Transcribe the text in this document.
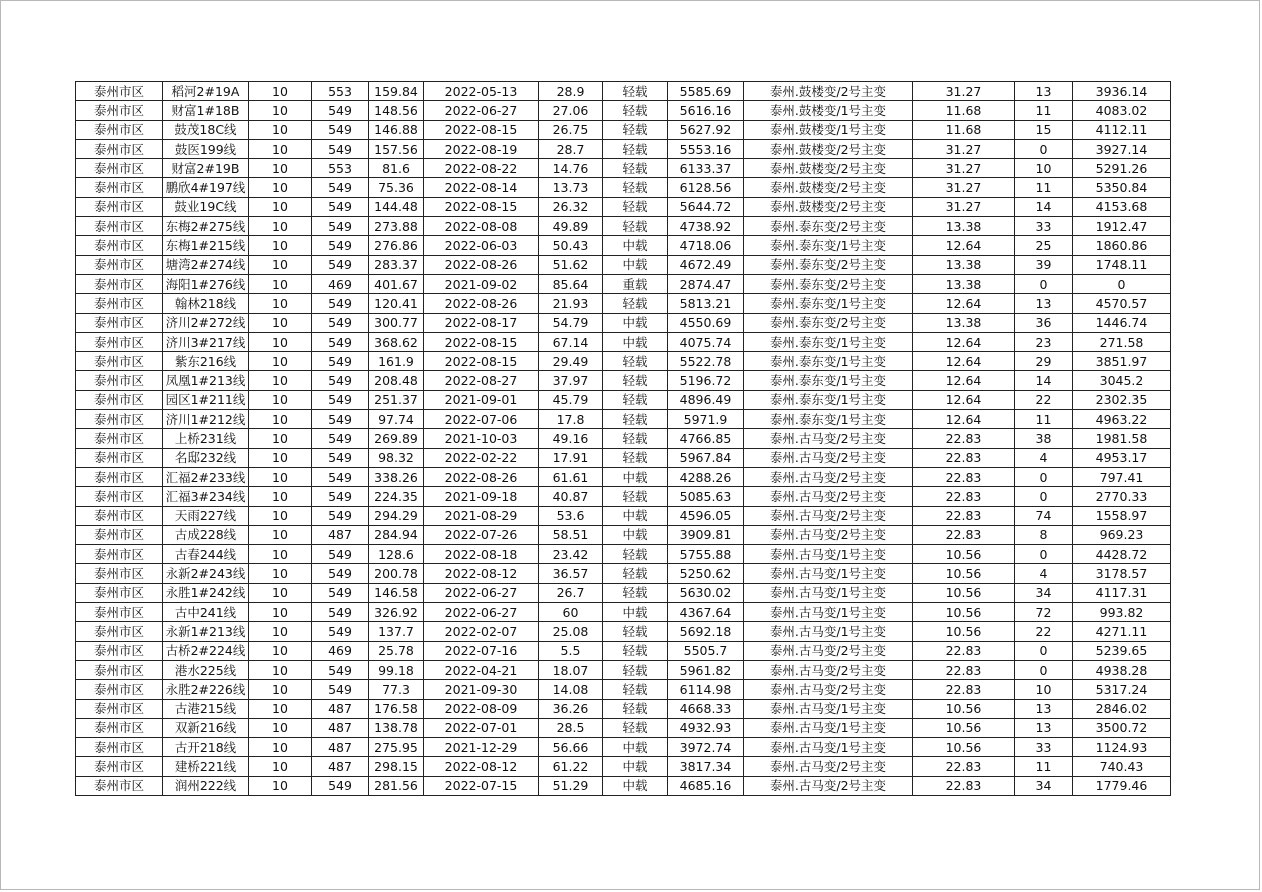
泰州市区	稻河2#19A	10	553	159.84	2022-05-13	28.9	轻载	5585.69	泰州.鼓楼变/2号主变	31.27	13	3936.14
泰州市区	财富1#18B	10	549	148.56	2022-06-27	27.06	轻载	5616.16	泰州.鼓楼变/1号主变	11.68	11	4083.02
泰州市区	鼓茂18C线	10	549	146.88	2022-08-15	26.75	轻载	5627.92	泰州.鼓楼变/1号主变	11.68	15	4112.11
泰州市区	鼓医199线	10	549	157.56	2022-08-19	28.7	轻载	5553.16	泰州.鼓楼变/2号主变	31.27	0	3927.14
泰州市区	财富2#19B	10	553	81.6	2022-08-22	14.76	轻载	6133.37	泰州.鼓楼变/2号主变	31.27	10	5291.26
泰州市区	鹏欣4#197线	10	549	75.36	2022-08-14	13.73	轻载	6128.56	泰州.鼓楼变/2号主变	31.27	11	5350.84
泰州市区	鼓业19C线	10	549	144.48	2022-08-15	26.32	轻载	5644.72	泰州.鼓楼变/2号主变	31.27	14	4153.68
泰州市区	东梅2#275线	10	549	273.88	2022-08-08	49.89	轻载	4738.92	泰州.泰东变/2号主变	13.38	33	1912.47
泰州市区	东梅1#215线	10	549	276.86	2022-06-03	50.43	中载	4718.06	泰州.泰东变/1号主变	12.64	25	1860.86
泰州市区	塘湾2#274线	10	549	283.37	2022-08-26	51.62	中载	4672.49	泰州.泰东变/2号主变	13.38	39	1748.11
泰州市区	海阳1#276线	10	469	401.67	2021-09-02	85.64	重载	2874.47	泰州.泰东变/2号主变	13.38	0	0
泰州市区	翰林218线	10	549	120.41	2022-08-26	21.93	轻载	5813.21	泰州.泰东变/1号主变	12.64	13	4570.57
泰州市区	济川2#272线	10	549	300.77	2022-08-17	54.79	中载	4550.69	泰州.泰东变/2号主变	13.38	36	1446.74
泰州市区	济川3#217线	10	549	368.62	2022-08-15	67.14	中载	4075.74	泰州.泰东变/1号主变	12.64	23	271.58
泰州市区	紫东216线	10	549	161.9	2022-08-15	29.49	轻载	5522.78	泰州.泰东变/1号主变	12.64	29	3851.97
泰州市区	凤凰1#213线	10	549	208.48	2022-08-27	37.97	轻载	5196.72	泰州.泰东变/1号主变	12.64	14	3045.2
泰州市区	园区1#211线	10	549	251.37	2021-09-01	45.79	轻载	4896.49	泰州.泰东变/1号主变	12.64	22	2302.35
泰州市区	济川1#212线	10	549	97.74	2022-07-06	17.8	轻载	5971.9	泰州.泰东变/1号主变	12.64	11	4963.22
泰州市区	上桥231线	10	549	269.89	2021-10-03	49.16	轻载	4766.85	泰州.古马变/2号主变	22.83	38	1981.58
泰州市区	名邸232线	10	549	98.32	2022-02-22	17.91	轻载	5967.84	泰州.古马变/2号主变	22.83	4	4953.17
泰州市区	汇福2#233线	10	549	338.26	2022-08-26	61.61	中载	4288.26	泰州.古马变/2号主变	22.83	0	797.41
泰州市区	汇福3#234线	10	549	224.35	2021-09-18	40.87	轻载	5085.63	泰州.古马变/2号主变	22.83	0	2770.33
泰州市区	天雨227线	10	549	294.29	2021-08-29	53.6	中载	4596.05	泰州.古马变/2号主变	22.83	74	1558.97
泰州市区	古成228线	10	487	284.94	2022-07-26	58.51	中载	3909.81	泰州.古马变/2号主变	22.83	8	969.23
泰州市区	古春244线	10	549	128.6	2022-08-18	23.42	轻载	5755.88	泰州.古马变/1号主变	10.56	0	4428.72
泰州市区	永新2#243线	10	549	200.78	2022-08-12	36.57	轻载	5250.62	泰州.古马变/1号主变	10.56	4	3178.57
泰州市区	永胜1#242线	10	549	146.58	2022-06-27	26.7	轻载	5630.02	泰州.古马变/1号主变	10.56	34	4117.31
泰州市区	古中241线	10	549	326.92	2022-06-27	60	中载	4367.64	泰州.古马变/1号主变	10.56	72	993.82
泰州市区	永新1#213线	10	549	137.7	2022-02-07	25.08	轻载	5692.18	泰州.古马变/1号主变	10.56	22	4271.11
泰州市区	古桥2#224线	10	469	25.78	2022-07-16	5.5	轻载	5505.7	泰州.古马变/2号主变	22.83	0	5239.65
泰州市区	港水225线	10	549	99.18	2022-04-21	18.07	轻载	5961.82	泰州.古马变/2号主变	22.83	0	4938.28
泰州市区	永胜2#226线	10	549	77.3	2021-09-30	14.08	轻载	6114.98	泰州.古马变/2号主变	22.83	10	5317.24
泰州市区	古港215线	10	487	176.58	2022-08-09	36.26	轻载	4668.33	泰州.古马变/1号主变	10.56	13	2846.02
泰州市区	双新216线	10	487	138.78	2022-07-01	28.5	轻载	4932.93	泰州.古马变/1号主变	10.56	13	3500.72
泰州市区	古开218线	10	487	275.95	2021-12-29	56.66	中载	3972.74	泰州.古马变/1号主变	10.56	33	1124.93
泰州市区	建桥221线	10	487	298.15	2022-08-12	61.22	中载	3817.34	泰州.古马变/2号主变	22.83	11	740.43
泰州市区	润州222线	10	549	281.56	2022-07-15	51.29	中载	4685.16	泰州.古马变/2号主变	22.83	34	1779.46
